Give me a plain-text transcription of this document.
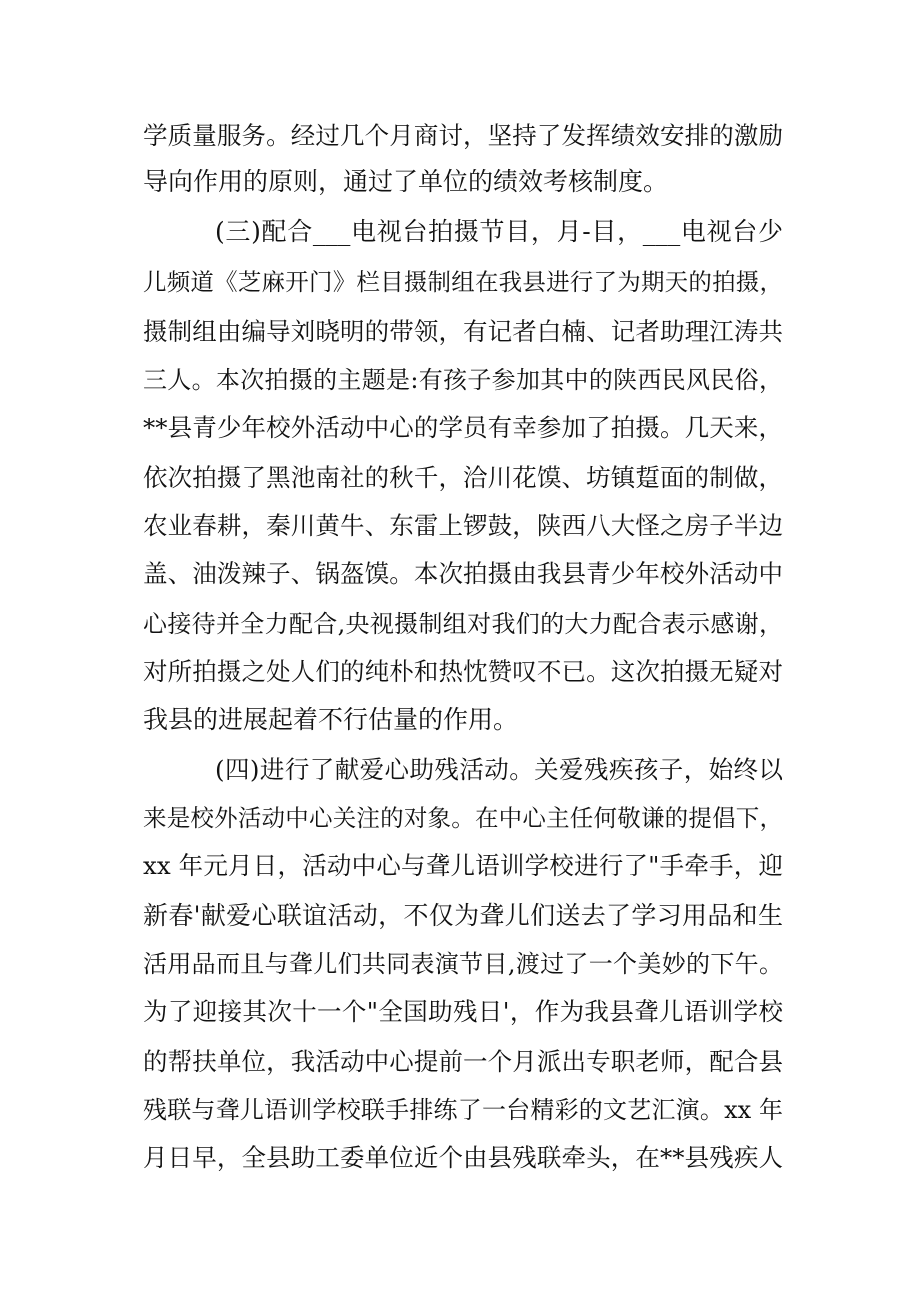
学质量服务。经过几个月商讨，坚持了发挥绩效安排的激励
导向作用的原则，通过了单位的绩效考核制度。
(三)配合___电视台拍摄节目，月-目，___电视台少
儿频道《芝麻开门》栏目摄制组在我县进行了为期天的拍摄，
摄制组由编导刘晓明的带领，有记者白楠、记者助理江涛共
三人。本次拍摄的主题是:有孩子参加其中的陕西民风民俗，
**县青少年校外活动中心的学员有幸参加了拍摄。几天来，
依次拍摄了黑池南社的秋千，洽川花馍、坊镇踅面的制做，
农业春耕，秦川黄牛、东雷上锣鼓，陕西八大怪之房子半边
盖、油泼辣子、锅盔馍。本次拍摄由我县青少年校外活动中
心接待并全力配合,央视摄制组对我们的大力配合表示感谢，
对所拍摄之处人们的纯朴和热忱赞叹不已。这次拍摄无疑对
我县的进展起着不行估量的作用。
(四)进行了献爱心助残活动。关爱残疾孩子，始终以
来是校外活动中心关注的对象。在中心主任何敬谦的提倡下，
xx 年元月日，活动中心与聋儿语训学校进行了"手牵手，迎
新春'献爱心联谊活动，不仅为聋儿们送去了学习用品和生
活用品而且与聋儿们共同表演节目,渡过了一个美妙的下午。
为了迎接其次十一个"全国助残日'，作为我县聋儿语训学校
的帮扶单位，我活动中心提前一个月派出专职老师，配合县
残联与聋儿语训学校联手排练了一台精彩的文艺汇演。xx 年
月日早，全县助工委单位近个由县残联牵头，在**县残疾人
